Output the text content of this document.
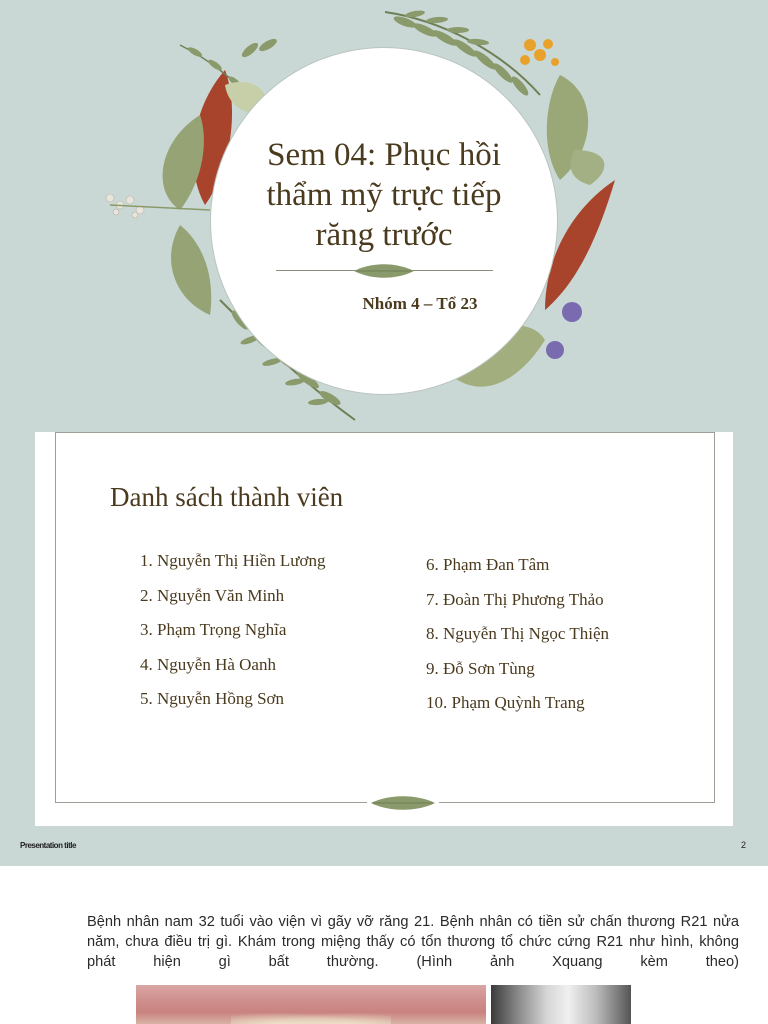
Sem 04: Phục hồi
thẩm mỹ trực tiếp
răng trước
Nhóm 4 – Tổ 23
Danh sách thành viên
1. Nguyễn Thị Hiền Lương
2. Nguyễn Văn Minh
3. Phạm Trọng Nghĩa
4. Nguyễn Hà Oanh
5. Nguyễn Hồng Sơn
6. Phạm Đan Tâm
7. Đoàn Thị Phương Thảo
8. Nguyễn Thị Ngọc Thiện
9. Đỗ Sơn Tùng
10. Phạm Quỳnh Trang
Presentation title	2

Bệnh nhân nam 32 tuổi vào viện vì gãy vỡ răng 21. Bệnh nhân có tiền sử chấn thương R21 nửa năm, chưa điều trị gì. Khám trong miệng thấy có tổn thương tổ chức cứng R21 như hình, không phát hiện gì bất thường. (Hình ảnh Xquang kèm theo)
